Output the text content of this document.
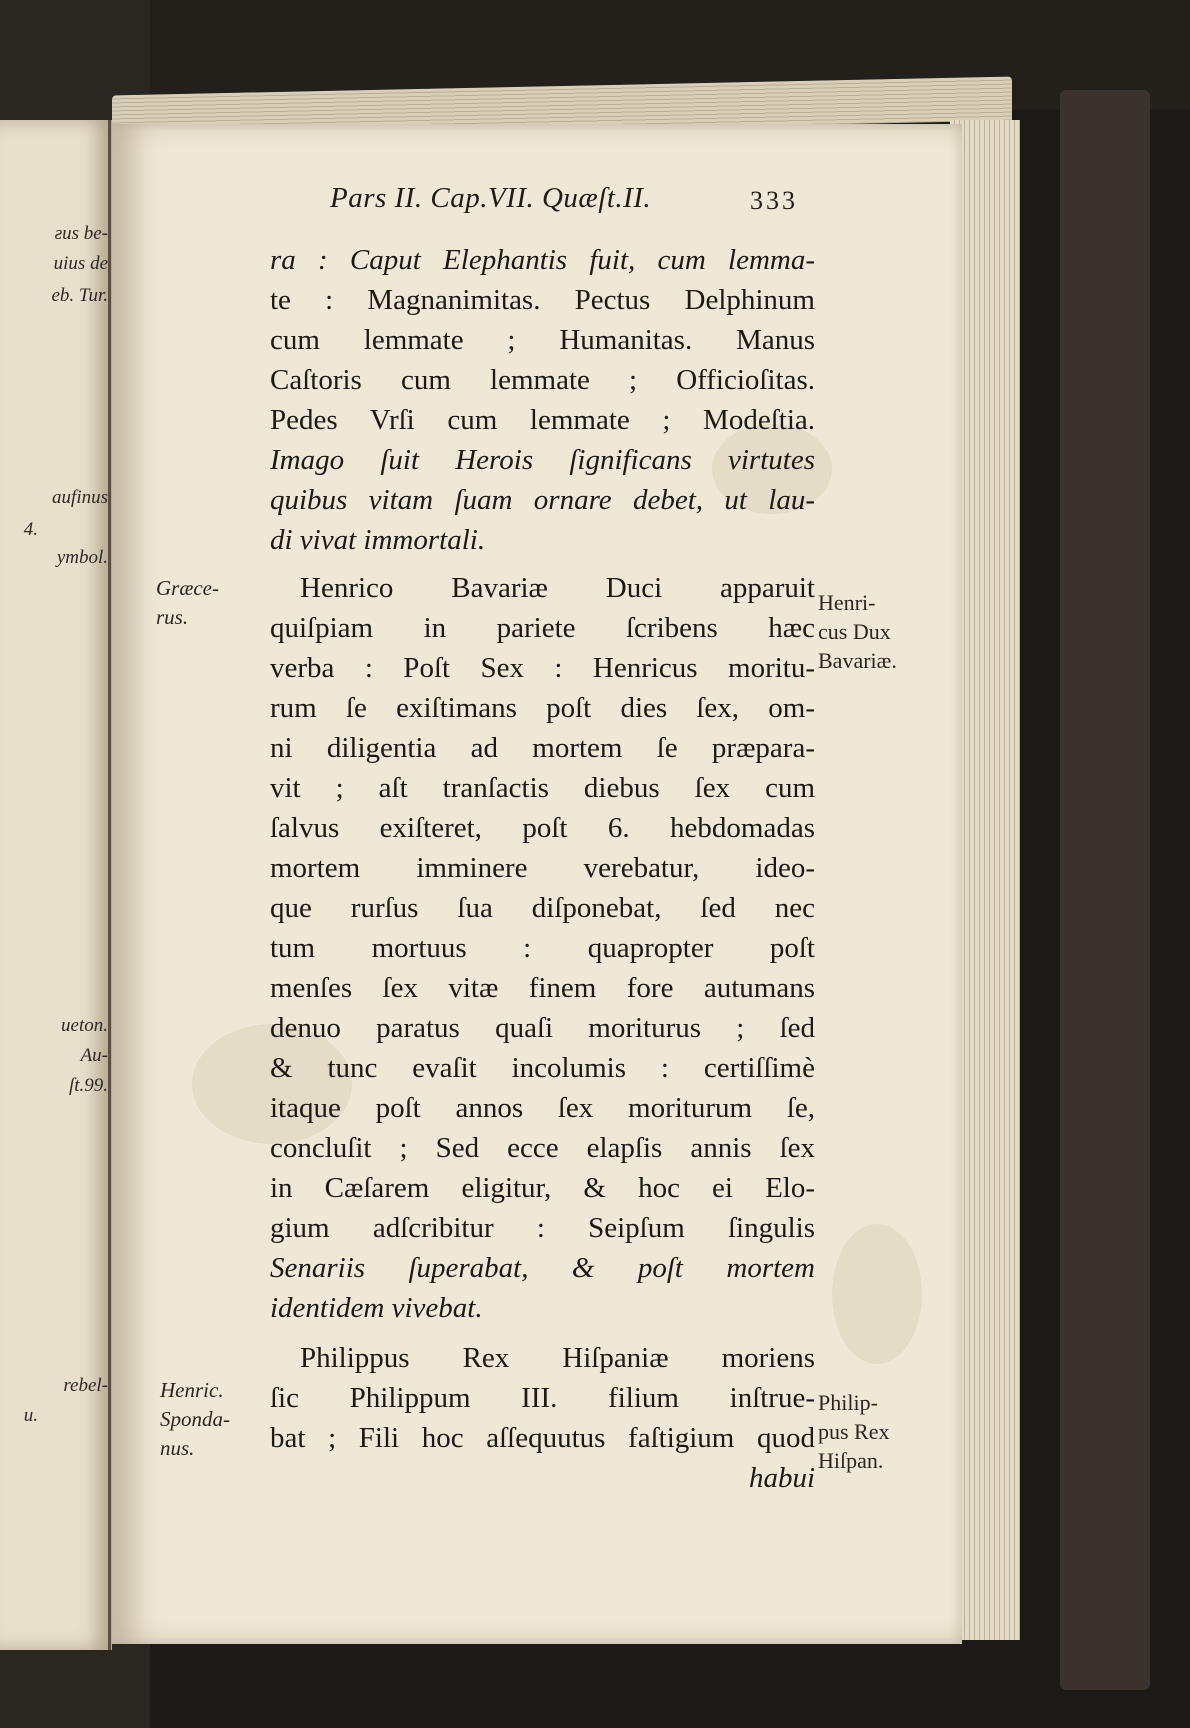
ƨus be-
uius de
eb. Tur.
aufinus
4.
ymbol.
ueton.
Au-
ſt.99.
rebel-
u.
Pars II. Cap.VII. Quæſt.II.	333
ra : Caput Elephantis fuit, cum lemma-
te : Magnanimitas. Pectus Delphinum
cum lemmate ; Humanitas. Manus
Caſtoris cum lemmate ; Officioſitas.
Pedes Vrſi cum lemmate ; Modeſtia.
Imago ſuit Herois ſignificans virtutes
quibus vitam ſuam ornare debet, ut lau-
di vivat immortali.
Henrico Bavariæ Duci apparuit
quiſpiam in pariete ſcribens hæc
verba : Poſt Sex : Henricus moritu-
rum ſe exiſtimans poſt dies ſex, om-
ni diligentia ad mortem ſe præpara-
vit ; aſt tranſactis diebus ſex cum
ſalvus exiſteret, poſt 6. hebdomadas
mortem imminere verebatur, ideo-
que rurſus ſua diſponebat, ſed nec
tum mortuus : quapropter poſt
menſes ſex vitæ finem fore autumans
denuo paratus quaſi moriturus ; ſed
& tunc evaſit incolumis : certiſſimè
itaque poſt annos ſex moriturum ſe,
concluſit ; Sed ecce elapſis annis ſex
in Cæſarem eligitur, & hoc ei Elo-
gium adſcribitur : Seipſum ſingulis
Senariis ſuperabat, & poſt mortem
identidem vivebat.
Philippus Rex Hiſpaniæ moriens
ſic Philippum III. filium inſtrue-
bat ; Fili hoc aſſequutus faſtigium quod
habui
Græce-
rus.
Henric.
Sponda-
nus.
Henri-
cus Dux
Bavariæ.
Philip-
pus Rex
Hiſpan.
